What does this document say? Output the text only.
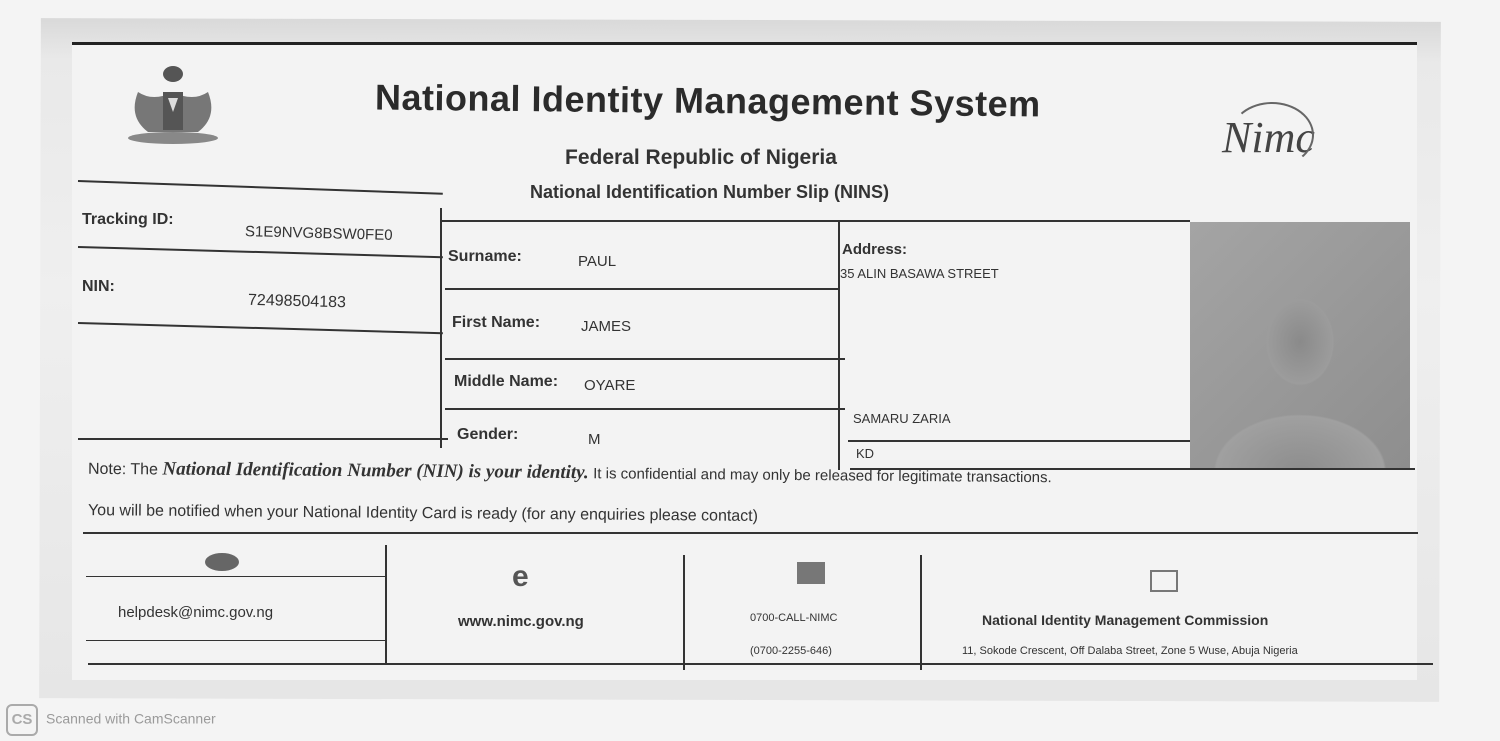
National Identity Management System
Federal Republic of Nigeria
National Identification Number Slip (NINS)
Nimc
Tracking ID:
S1E9NVG8BSW0FE0
NIN:
72498504183
Surname:	PAUL
First Name:	JAMES
Middle Name: OYARE
Gender:	M
Address:
35 ALIN BASAWA STREET
SAMARU ZARIA
KD
Note: The National Identification Number (NIN) is your identity. It is confidential and may only be released for legitimate transactions.
You will be notified when your National Identity Card is ready (for any enquiries please contact)
helpdesk@nimc.gov.ng
e
www.nimc.gov.ng	0700-CALL-NIMC
(0700-2255-646)
National Identity Management Commission
11, Sokode Crescent, Off Dalaba Street, Zone 5 Wuse, Abuja Nigeria
CS Scanned with CamScanner
